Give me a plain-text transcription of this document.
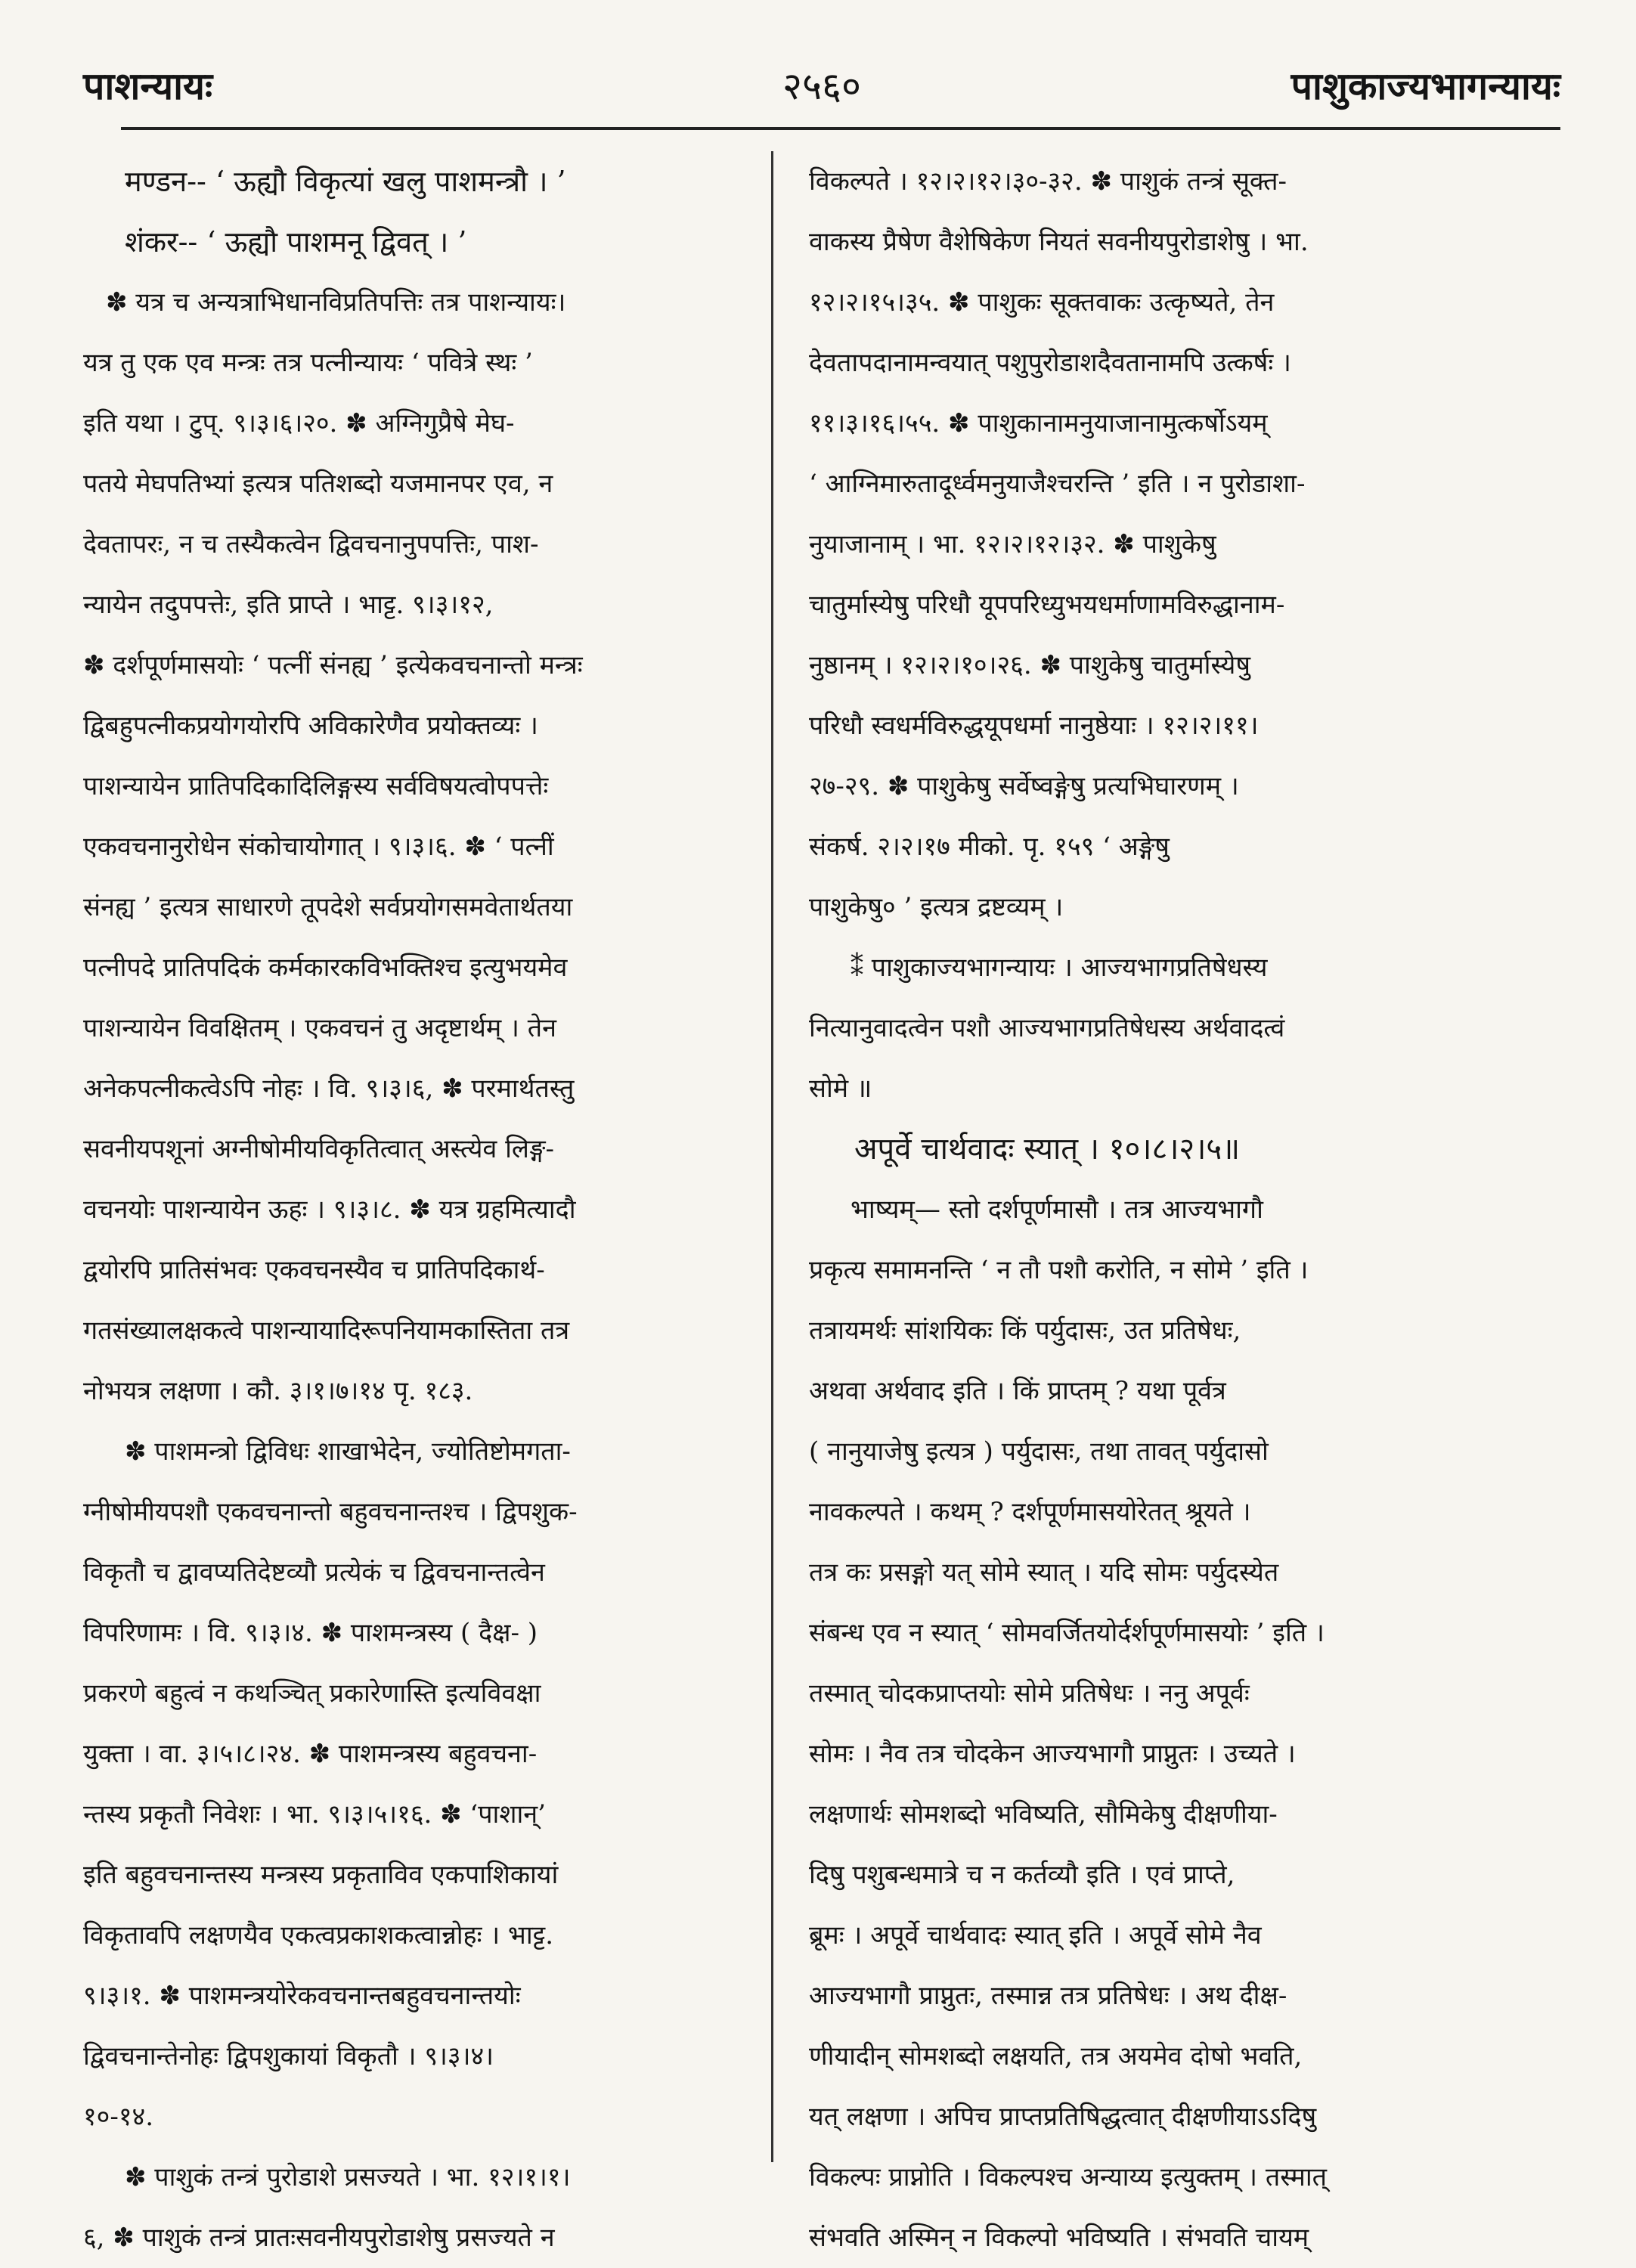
पाशन्यायः	२५६०	पाशुकाज्यभागन्यायः
मण्डन-- ‘ ऊह्यौ विकृत्यां खलु पाशमन्त्रौ । ’
शंकर-- ‘ ऊह्यौ पाशमनू द्विवत् । ’
✽ यत्र च अन्यत्राभिधानविप्रतिपत्तिः तत्र पाशन्यायः।
यत्र तु एक एव मन्त्रः तत्र पत्नीन्यायः ‘ पवित्रे स्थः ’
इति यथा । टुप्. ९।३।६।२०. ✽ अग्निगुप्रैषे मेघ-
पतये मेघपतिभ्यां इत्यत्र पतिशब्दो यजमानपर एव, न
देवतापरः, न च तस्यैकत्वेन द्विवचनानुपपत्तिः, पाश-
न्यायेन तदुपपत्तेः, इति प्राप्ते । भाट्ट. ९।३।१२,
✽ दर्शपूर्णमासयोः ‘ पत्नीं संनह्य ’ इत्येकवचनान्तो मन्त्रः
द्विबहुपत्नीकप्रयोगयोरपि अविकारेणैव प्रयोक्तव्यः ।
पाशन्यायेन प्रातिपदिकादिलिङ्गस्य सर्वविषयत्वोपपत्तेः
एकवचनानुरोधेन संकोचायोगात् । ९।३।६. ✽ ‘ पत्नीं
संनह्य ’ इत्यत्र साधारणे तूपदेशे सर्वप्रयोगसमवेतार्थतया
पत्नीपदे प्रातिपदिकं कर्मकारकविभक्तिश्च इत्युभयमेव
पाशन्यायेन विवक्षितम् । एकवचनं तु अदृष्टार्थम् । तेन
अनेकपत्नीकत्वेऽपि नोहः । वि. ९।३।६, ✽ परमार्थतस्तु
सवनीयपशूनां अग्नीषोमीयविकृतित्वात् अस्त्येव लिङ्ग-
वचनयोः पाशन्यायेन ऊहः । ९।३।८. ✽ यत्र ग्रहमित्यादौ
द्वयोरपि प्रातिसंभवः एकवचनस्यैव च प्रातिपदिकार्थ-
गतसंख्यालक्षकत्वे पाशन्यायादिरूपनियामकास्तिता तत्र
नोभयत्र लक्षणा । कौ. ३।१।७।१४ पृ. १८३.
✽ पाशमन्त्रो द्विविधः शाखाभेदेन, ज्योतिष्टोमगता-
ग्नीषोमीयपशौ एकवचनान्तो बहुवचनान्तश्च । द्विपशुक-
विकृतौ च द्वावप्यतिदेष्टव्यौ प्रत्येकं च द्विवचनान्तत्वेन
विपरिणामः । वि. ९।३।४. ✽ पाशमन्त्रस्य ( दैक्ष- )
प्रकरणे बहुत्वं न कथञ्चित् प्रकारेणास्ति इत्यविवक्षा
युक्ता । वा. ३।५।८।२४. ✽ पाशमन्त्रस्य बहुवचना-
न्तस्य प्रकृतौ निवेशः । भा. ९।३।५।१६. ✽ ‘पाशान्’
इति बहुवचनान्तस्य मन्त्रस्य प्रकृताविव एकपाशिकायां
विकृतावपि लक्षणयैव एकत्वप्रकाशकत्वान्नोहः । भाट्ट.
९।३।१. ✽ पाशमन्त्रयोरेकवचनान्तबहुवचनान्तयोः
द्विवचनान्तेनोहः द्विपशुकायां विकृतौ । ९।३।४।
१०-१४.
✽ पाशुकं तन्त्रं पुरोडाशे प्रसज्यते । भा. १२।१।१।
६, ✽ पाशुकं तन्त्रं प्रातःसवनीयपुरोडाशेषु प्रसज्यते न
विकल्पते । १२।२।१२।३०-३२. ✽ पाशुकं तन्त्रं सूक्त-
वाकस्य प्रैषेण वैशेषिकेण नियतं सवनीयपुरोडाशेषु । भा.
१२।२।१५।३५. ✽ पाशुकः सूक्तवाकः उत्कृष्यते, तेन
देवतापदानामन्वयात् पशुपुरोडाशदैवतानामपि उत्कर्षः ।
११।३।१६।५५. ✽ पाशुकानामनुयाजानामुत्कर्षोऽयम्
‘ आग्निमारुतादूर्ध्वमनुयाजैश्चरन्ति ’ इति । न पुरोडाशा-
नुयाजानाम् । भा. १२।२।१२।३२. ✽ पाशुकेषु
चातुर्मास्येषु परिधौ यूपपरिध्युभयधर्माणामविरुद्धानाम-
नुष्ठानम् । १२।२।१०।२६. ✽ पाशुकेषु चातुर्मास्येषु
परिधौ स्वधर्मविरुद्धयूपधर्मा नानुष्ठेयाः । १२।२।११।
२७-२९. ✽ पाशुकेषु सर्वेष्वङ्गेषु प्रत्यभिघारणम् ।
संकर्ष. २।२।१७ मीको. पृ. १५९ ‘ अङ्गेषु
पाशुकेषु० ’ इत्यत्र द्रष्टव्यम् ।
⁑ पाशुकाज्यभागन्यायः । आज्यभागप्रतिषेधस्य
नित्यानुवादत्वेन पशौ आज्यभागप्रतिषेधस्य अर्थवादत्वं
सोमे ॥
अपूर्वे चार्थवादः स्यात् । १०।८।२।५॥
भाष्यम्— स्तो दर्शपूर्णमासौ । तत्र आज्यभागौ
प्रकृत्य समामनन्ति ‘ न तौ पशौ करोति, न सोमे ’ इति ।
तत्रायमर्थः सांशयिकः किं पर्युदासः, उत प्रतिषेधः,
अथवा अर्थवाद इति । किं प्राप्तम् ? यथा पूर्वत्र
( नानुयाजेषु इत्यत्र ) पर्युदासः, तथा तावत् पर्युदासो
नावकल्पते । कथम् ? दर्शपूर्णमासयोरेतत् श्रूयते ।
तत्र कः प्रसङ्गो यत् सोमे स्यात् । यदि सोमः पर्युदस्येत
संबन्ध एव न स्यात् ‘ सोमवर्जितयोर्दर्शपूर्णमासयोः ’ इति ।
तस्मात् चोदकप्राप्तयोः सोमे प्रतिषेधः । ननु अपूर्वः
सोमः । नैव तत्र चोदकेन आज्यभागौ प्राप्नुतः । उच्यते ।
लक्षणार्थः सोमशब्दो भविष्यति, सौमिकेषु दीक्षणीया-
दिषु पशुबन्धमात्रे च न कर्तव्यौ इति । एवं प्राप्ते,
ब्रूमः । अपूर्वे चार्थवादः स्यात् इति । अपूर्वे सोमे नैव
आज्यभागौ प्राप्नुतः, तस्मान्न तत्र प्रतिषेधः । अथ दीक्ष-
णीयादीन् सोमशब्दो लक्षयति, तत्र अयमेव दोषो भवति,
यत् लक्षणा । अपिच प्राप्तप्रतिषिद्धत्वात् दीक्षणीयाऽऽदिषु
विकल्पः प्राप्नोति । विकल्पश्च अन्याय्य इत्युक्तम् । तस्मात्
संभवति अस्मिन् न विकल्पो भविष्यति । संभवति चायम्
